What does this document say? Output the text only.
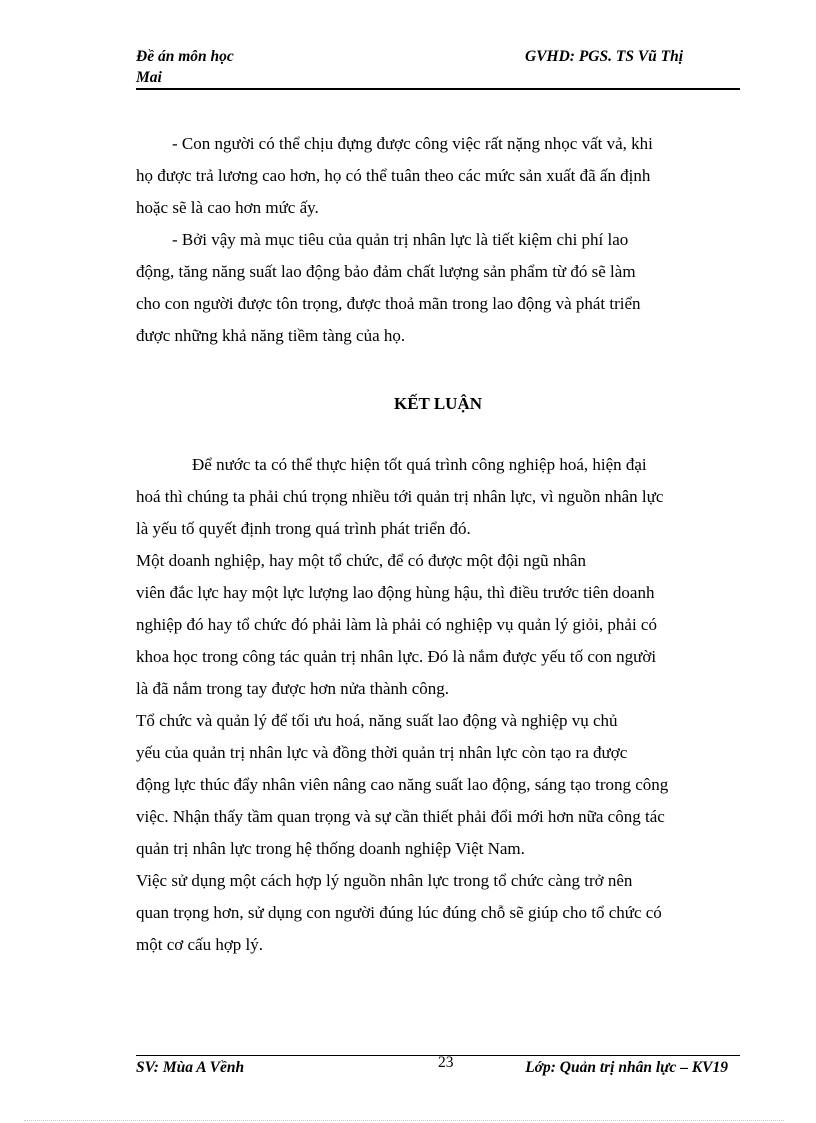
Đề án môn học
Mai
GVHD: PGS. TS Vũ Thị

- Con người có thể chịu đựng được công việc rất nặng nhọc vất vả, khi

họ được trả lương cao hơn, họ có thể tuân theo các mức sản xuất đã ấn định
hoặc sẽ là cao hơn mức ấy.

- Bởi vậy mà mục tiêu của quản trị nhân lực là tiết kiệm chi phí lao

động, tăng năng suất lao động bảo đảm chất lượng sản phẩm từ đó sẽ làm
cho con người được tôn trọng, được thoả mãn trong lao động và phát triển
được những khả năng tiềm tàng của họ.

KẾT LUẬN

Để nước ta có thể thực hiện tốt quá trình công nghiệp hoá, hiện đại

hoá thì chúng ta phải chú trọng nhiều tới quản trị nhân lực, vì nguồn nhân lực
là yếu tố quyết định trong quá trình phát triển đó.

Một doanh nghiệp, hay một tổ chức, để có được một đội ngũ nhân
viên đắc lực hay một lực lượng lao động hùng hậu, thì điều trước tiên doanh
nghiệp đó hay tổ chức đó phải làm là phải có nghiệp vụ quản lý giỏi, phải có
khoa học trong công tác quản trị nhân lực. Đó là nắm được yếu tố con người
là đã nắm trong tay được hơn nửa thành công.

Tổ chức và quản lý để tối ưu hoá, năng suất lao động và nghiệp vụ chủ
yếu của quản trị nhân lực và đồng thời quản trị nhân lực còn tạo ra được
động lực thúc đẩy nhân viên nâng cao năng suất lao động, sáng tạo trong công
việc. Nhận thấy tầm quan trọng và sự cần thiết phải đổi mới hơn nữa công tác
quản trị nhân lực trong hệ thống doanh nghiệp Việt Nam.

Việc sử dụng một cách hợp lý nguồn nhân lực trong tổ chức càng trở nên
quan trọng hơn, sử dụng con người đúng lúc đúng chỗ sẽ giúp cho tổ chức có
một cơ cấu hợp lý.

SV: Mùa A Vềnh	23	Lớp: Quản trị nhân lực – KV19
